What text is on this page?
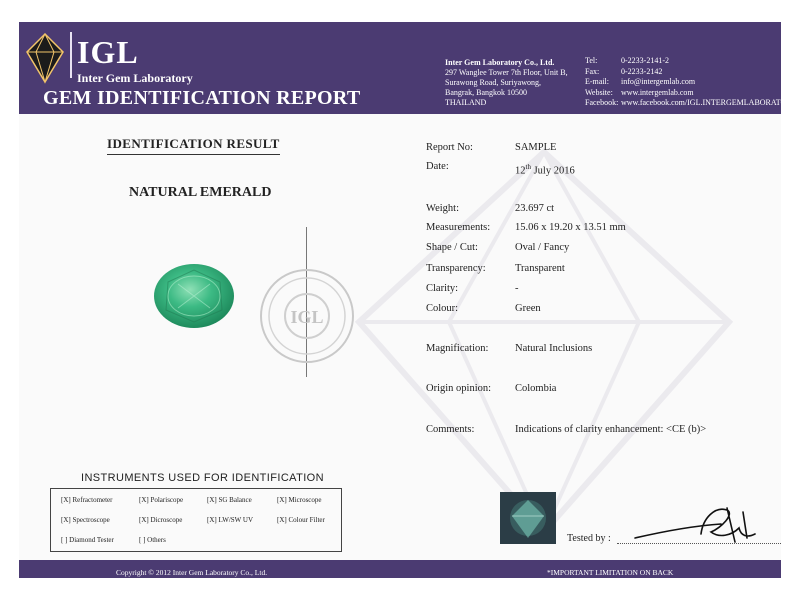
IGL
Inter Gem Laboratory
GEM IDENTIFICATION REPORT
Inter Gem Laboratory Co., Ltd.
297 Wanglee Tower 7th Floor, Unit B,
Surawong Road, Suriyawong,
Bangrak, Bangkok 10500
THAILAND
Tel:	0-2233-2141-2
Fax:	0-2233-2142
E-mail:	info@intergemlab.com
Website:	www.intergemlab.com
Facebook: www.facebook.com/IGL.INTERGEMLABORATO
IDENTIFICATION RESULT
NATURAL EMERALD
IGL
Report No:	SAMPLE
Date:	12th July 2016
Weight:	23.697 ct
Measurements: 15.06 x 19.20 x 13.51 mm
Shape / Cut:	Oval / Fancy
Transparency:	Transparent
Clarity:	-
Colour:	Green
Magnification:	Natural Inclusions
Origin opinion: Colombia
Comments:	Indications of clarity enhancement: <CE (b)>
INSTRUMENTS USED FOR IDENTIFICATION
[X] Refractometer	[X] Polariscope	[X] SG Balance	[X] Microscope
[X] Spectroscope	[X] Dicroscope	[X] LW/SW UV	[X] Colour Filter
[ ] Diamond Tester	[ ] Others	Tested by :
Copyright © 2012 Inter Gem Laboratory Co., Ltd.	*IMPORTANT LIMITATION ON BACK
